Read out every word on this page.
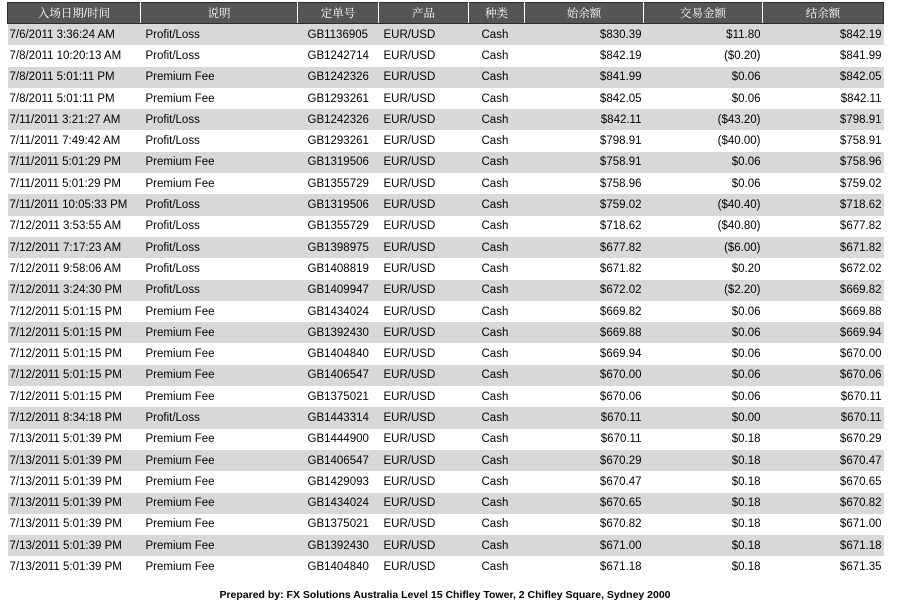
入场日期/时间	说明	定单号	产品	种类	始余额	交易金额	结余额
7/6/2011 3:36:24 AM	Profit/Loss	GB1136905	EUR/USD	Cash	$830.39	$11.80	$842.19
7/8/2011 10:20:13 AM	Profit/Loss	GB1242714	EUR/USD	Cash	$842.19	($0.20)	$841.99
7/8/2011 5:01:11 PM	Premium Fee	GB1242326	EUR/USD	Cash	$841.99	$0.06	$842.05
7/8/2011 5:01:11 PM	Premium Fee	GB1293261	EUR/USD	Cash	$842.05	$0.06	$842.11
7/11/2011 3:21:27 AM	Profit/Loss	GB1242326	EUR/USD	Cash	$842.11	($43.20)	$798.91
7/11/2011 7:49:42 AM	Profit/Loss	GB1293261	EUR/USD	Cash	$798.91	($40.00)	$758.91
7/11/2011 5:01:29 PM	Premium Fee	GB1319506	EUR/USD	Cash	$758.91	$0.06	$758.96
7/11/2011 5:01:29 PM	Premium Fee	GB1355729	EUR/USD	Cash	$758.96	$0.06	$759.02
7/11/2011 10:05:33 PM	Profit/Loss	GB1319506	EUR/USD	Cash	$759.02	($40.40)	$718.62
7/12/2011 3:53:55 AM	Profit/Loss	GB1355729	EUR/USD	Cash	$718.62	($40.80)	$677.82
7/12/2011 7:17:23 AM	Profit/Loss	GB1398975	EUR/USD	Cash	$677.82	($6.00)	$671.82
7/12/2011 9:58:06 AM	Profit/Loss	GB1408819	EUR/USD	Cash	$671.82	$0.20	$672.02
7/12/2011 3:24:30 PM	Profit/Loss	GB1409947	EUR/USD	Cash	$672.02	($2.20)	$669.82
7/12/2011 5:01:15 PM	Premium Fee	GB1434024	EUR/USD	Cash	$669.82	$0.06	$669.88
7/12/2011 5:01:15 PM	Premium Fee	GB1392430	EUR/USD	Cash	$669.88	$0.06	$669.94
7/12/2011 5:01:15 PM	Premium Fee	GB1404840	EUR/USD	Cash	$669.94	$0.06	$670.00
7/12/2011 5:01:15 PM	Premium Fee	GB1406547	EUR/USD	Cash	$670.00	$0.06	$670.06
7/12/2011 5:01:15 PM	Premium Fee	GB1375021	EUR/USD	Cash	$670.06	$0.06	$670.11
7/12/2011 8:34:18 PM	Profit/Loss	GB1443314	EUR/USD	Cash	$670.11	$0.00	$670.11
7/13/2011 5:01:39 PM	Premium Fee	GB1444900	EUR/USD	Cash	$670.11	$0.18	$670.29
7/13/2011 5:01:39 PM	Premium Fee	GB1406547	EUR/USD	Cash	$670.29	$0.18	$670.47
7/13/2011 5:01:39 PM	Premium Fee	GB1429093	EUR/USD	Cash	$670.47	$0.18	$670.65
7/13/2011 5:01:39 PM	Premium Fee	GB1434024	EUR/USD	Cash	$670.65	$0.18	$670.82
7/13/2011 5:01:39 PM	Premium Fee	GB1375021	EUR/USD	Cash	$670.82	$0.18	$671.00
7/13/2011 5:01:39 PM	Premium Fee	GB1392430	EUR/USD	Cash	$671.00	$0.18	$671.18
7/13/2011 5:01:39 PM	Premium Fee	GB1404840	EUR/USD	Cash	$671.18	$0.18	$671.35
Prepared by: FX Solutions Australia Level 15 Chifley Tower, 2 Chifley Square, Sydney 2000
